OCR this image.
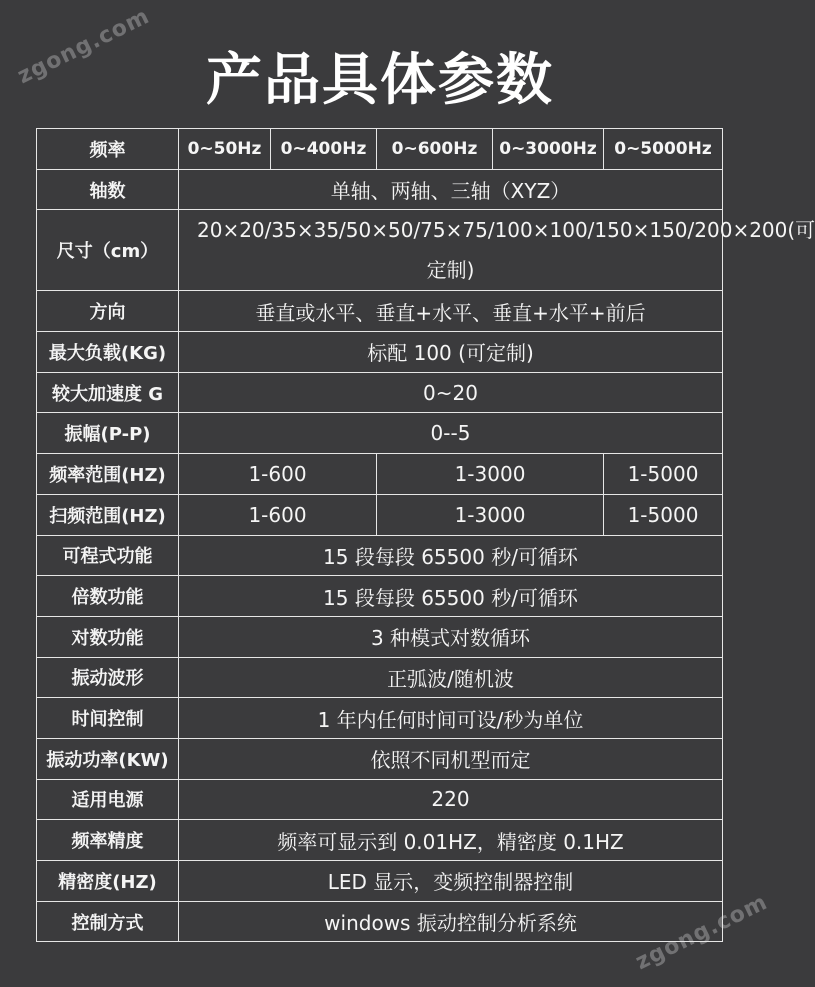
zgong.com
zgong.com
产品具体参数
频率	0~50Hz	0~400Hz	0~600Hz	0~3000Hz	0~5000Hz
轴数	单轴、两轴、三轴（XYZ）				
尺寸（cm）	20×20/35×35/50×50/75×75/100×100/150×150/200×200(可定制)				
方向	垂直或水平、垂直+水平、垂直+水平+前后				
最大负载(KG)	标配 100 (可定制)				
较大加速度 G	0~20				
振幅(P-P)	0--5				
频率范围(HZ)	1-600		1-3000		1-5000
扫频范围(HZ)	1-600		1-3000		1-5000
可程式功能	15 段每段 65500 秒/可循环				
倍数功能	15 段每段 65500 秒/可循环				
对数功能	3 种模式对数循环				
振动波形	正弧波/随机波				
时间控制	1 年内任何时间可设/秒为单位				
振动功率(KW)	依照不同机型而定				
适用电源	220				
频率精度	频率可显示到 0.01HZ，精密度 0.1HZ				
精密度(HZ)	LED 显示，变频控制器控制				
控制方式	windows 振动控制分析系统				
